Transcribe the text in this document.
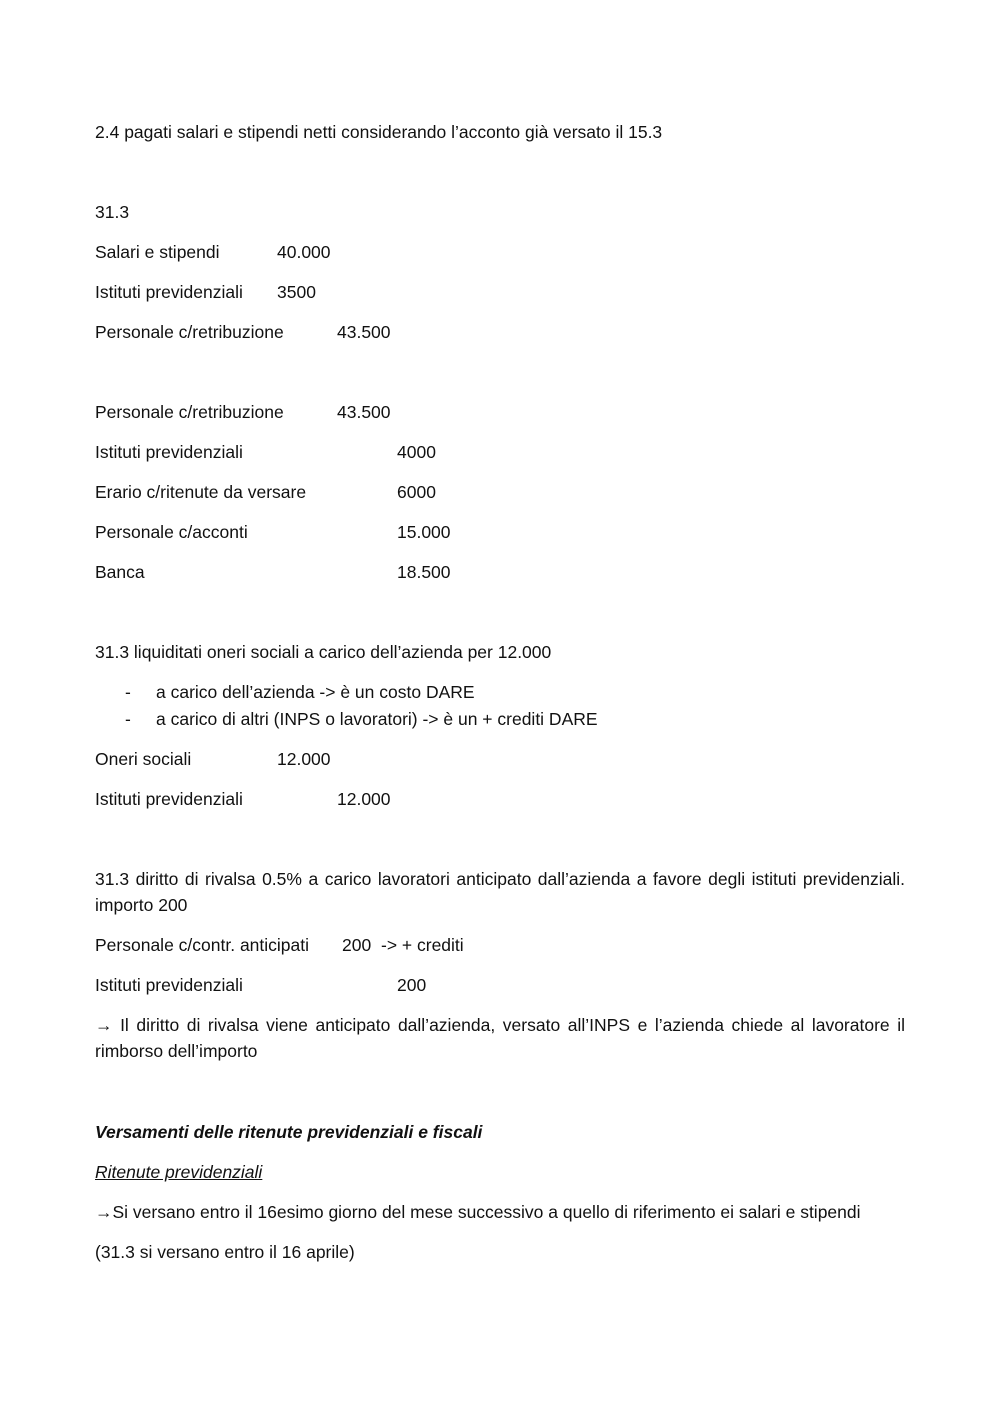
2.4 pagati salari e stipendi netti considerando l’acconto già versato il 15.3
31.3
Salari e stipendi	40.000
Istituti previdenziali 3500
Personale c/retribuzione	43.500
Personale c/retribuzione	43.500
Istituti previdenziali	4000
Erario c/ritenute da versare	6000
Personale c/acconti	15.000
Banca	18.500
31.3 liquiditati oneri sociali a carico dell’azienda per 12.000
- a carico dell’azienda -> è un costo DARE
- a carico di altri (INPS o lavoratori) -> è un + crediti DARE
Oneri sociali	12.000
Istituti previdenziali	12.000
31.3 diritto di rivalsa 0.5% a carico lavoratori anticipato dall’azienda a favore degli istituti previdenziali. importo 200
Personale c/contr. anticipati 200 -> + crediti
Istituti previdenziali	200
→ Il diritto di rivalsa viene anticipato dall’azienda, versato all’INPS e l’azienda chiede al lavoratore il rimborso dell’importo
Versamenti delle ritenute previdenziali e fiscali
Ritenute previdenziali
→Si versano entro il 16esimo giorno del mese successivo a quello di riferimento ei salari e stipendi
(31.3 si versano entro il 16 aprile)
